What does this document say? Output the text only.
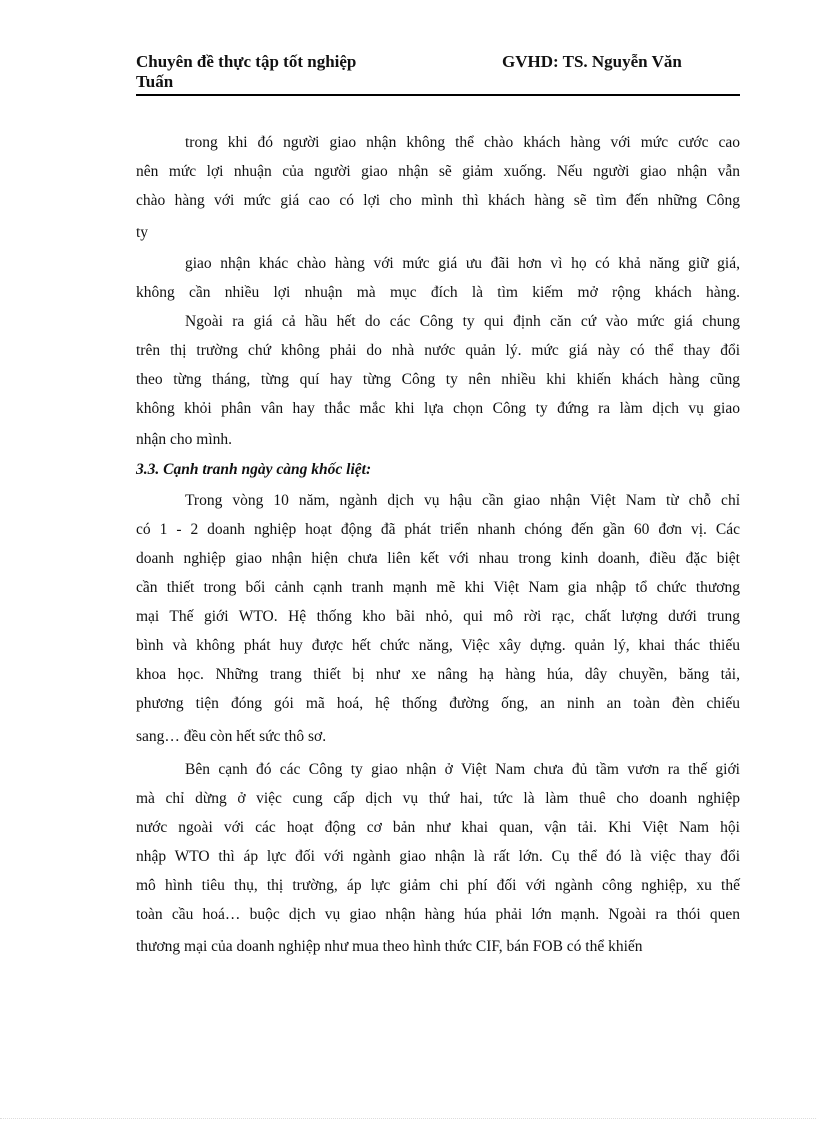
Chuyên đề thực tập tốt nghiệp	GVHD: TS. Nguyễn Văn
Tuấn
trong khi đó người giao nhận không thể chào khách hàng với mức cước cao
nên mức lợi nhuận của người giao nhận sẽ giảm xuống. Nếu người giao nhận vẫn
chào hàng với mức giá cao có lợi cho mình thì khách hàng sẽ tìm đến những Công
ty
giao nhận khác chào hàng với mức giá ưu đãi hơn vì họ có khả năng giữ giá,
không cần nhiều lợi nhuận mà mục đích là tìm kiếm mở rộng khách hàng.
Ngoài ra giá cả hầu hết do các Công ty qui định căn cứ vào mức giá chung
trên thị trường chứ không phải do nhà nước quản lý. mức giá này có thể thay đổi
theo từng tháng, từng quí hay từng Công ty nên nhiều khi khiến khách hàng cũng
không khỏi phân vân hay thắc mắc khi lựa chọn Công ty đứng ra làm dịch vụ giao
nhận cho mình.
3.3. Cạnh tranh ngày càng khốc liệt:
Trong vòng 10 năm, ngành dịch vụ hậu cần giao nhận Việt Nam từ chỗ chỉ
có 1 - 2 doanh nghiệp hoạt động đã phát triển nhanh chóng đến gần 60 đơn vị. Các
doanh nghiệp giao nhận hiện chưa liên kết với nhau trong kinh doanh, điều đặc biệt
cần thiết trong bối cảnh cạnh tranh mạnh mẽ khi Việt Nam gia nhập tổ chức thương
mại Thế giới WTO. Hệ thống kho bãi nhỏ, qui mô rời rạc, chất lượng dưới trung
bình và không phát huy được hết chức năng, Việc xây dựng. quản lý, khai thác thiếu
khoa học. Những trang thiết bị như xe nâng hạ hàng húa, dây chuyền, băng tải,
phương tiện đóng gói mã hoá, hệ thống đường ống, an ninh an toàn đèn chiếu
sang… đều còn hết sức thô sơ.
Bên cạnh đó các Công ty giao nhận ở Việt Nam chưa đủ tầm vươn ra thế giới
mà chỉ dừng ở việc cung cấp dịch vụ thứ hai, tức là làm thuê cho doanh nghiệp
nước ngoài với các hoạt động cơ bản như khai quan, vận tải. Khi Việt Nam hội
nhập WTO thì áp lực đối với ngành giao nhận là rất lớn. Cụ thể đó là việc thay đổi
mô hình tiêu thụ, thị trường, áp lực giảm chi phí đối với ngành công nghiệp, xu thế
toàn cầu hoá… buộc dịch vụ giao nhận hàng húa phải lớn mạnh. Ngoài ra thói quen
thương mại của doanh nghiệp như mua theo hình thức CIF, bán FOB có thể khiến
